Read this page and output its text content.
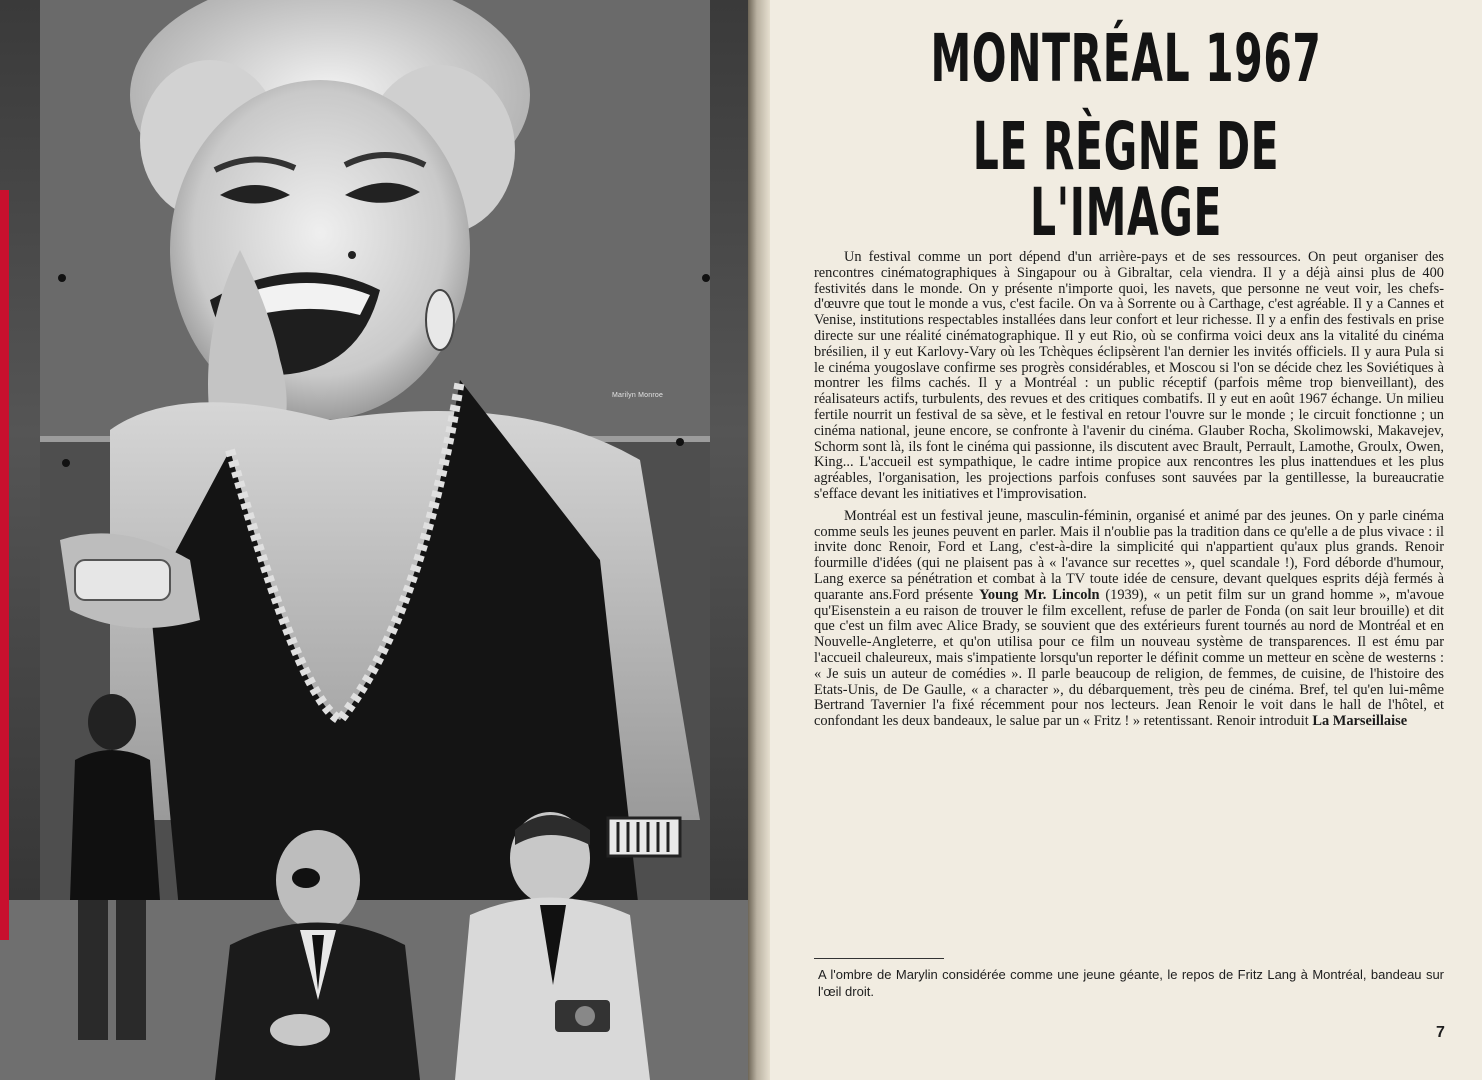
Marilyn Monroe
MONTRÉAL 1967
LE RÈGNE DE L'IMAGE

Un festival comme un port dépend d'un arrière-pays et de ses ressources. On peut organiser des rencontres cinématographiques à Singapour ou à Gibraltar, cela viendra. Il y a déjà ainsi plus de 400 festivités dans le monde. On y présente n'importe quoi, les navets, que personne ne veut voir, les chefs-d'œuvre que tout le monde a vus, c'est facile. On va à Sorrente ou à Carthage, c'est agréable. Il y a Cannes et Venise, institutions respectables installées dans leur confort et leur richesse. Il y a enfin des festivals en prise directe sur une réalité cinématographique. Il y eut Rio, où se confirma voici deux ans la vitalité du cinéma brésilien, il y eut Karlovy-Vary où les Tchèques éclipsèrent l'an dernier les invités officiels. Il y aura Pula si le cinéma yougoslave confirme ses progrès considérables, et Moscou si l'on se décide chez les Soviétiques à montrer les films cachés. Il y a Montréal : un public réceptif (parfois même trop bienveillant), des réalisateurs actifs, turbulents, des revues et des critiques combatifs. Il y eut en août 1967 échange. Un milieu fertile nourrit un festival de sa sève, et le festival en retour l'ouvre sur le monde ; le circuit fonctionne ; un cinéma national, jeune encore, se confronte à l'avenir du cinéma. Glauber Rocha, Skolimowski, Makavejev, Schorm sont là, ils font le cinéma qui passionne, ils discutent avec Brault, Perrault, Lamothe, Groulx, Owen, King... L'accueil est sympathique, le cadre intime propice aux rencontres les plus inattendues et les plus agréables, l'organisation, les projections parfois confuses sont sauvées par la gentillesse, la bureaucratie s'efface devant les initiatives et l'improvisation.

Montréal est un festival jeune, masculin-féminin, organisé et animé par des jeunes. On y parle cinéma comme seuls les jeunes peuvent en parler. Mais il n'oublie pas la tradition dans ce qu'elle a de plus vivace : il invite donc Renoir, Ford et Lang, c'est-à-dire la simplicité qui n'appartient qu'aux plus grands. Renoir fourmille d'idées (qui ne plaisent pas à « l'avance sur recettes », quel scandale !), Ford déborde d'humour, Lang exerce sa pénétration et combat à la TV toute idée de censure, devant quelques esprits déjà fermés à quarante ans.Ford présente Young Mr. Lincoln (1939), « un petit film sur un grand homme », m'avoue qu'Eisenstein a eu raison de trouver le film excellent, refuse de parler de Fonda (on sait leur brouille) et dit que c'est un film avec Alice Brady, se souvient que des extérieurs furent tournés au nord de Montréal et en Nouvelle-Angleterre, et qu'on utilisa pour ce film un nouveau système de transparences. Il est ému par l'accueil chaleureux, mais s'impatiente lorsqu'un reporter le définit comme un metteur en scène de westerns : « Je suis un auteur de comédies ». Il parle beaucoup de religion, de femmes, de cuisine, de l'histoire des Etats-Unis, de De Gaulle, « a character », du débarquement, très peu de cinéma. Bref, tel qu'en lui-même Bertrand Tavernier l'a fixé récemment pour nos lecteurs. Jean Renoir le voit dans le hall de l'hôtel, et confondant les deux bandeaux, le salue par un « Fritz ! » retentissant. Renoir introduit La Marseillaise

A l'ombre de Marylin considérée comme une jeune géante, le repos de Fritz Lang à Montréal, bandeau sur l'œil droit.
7
